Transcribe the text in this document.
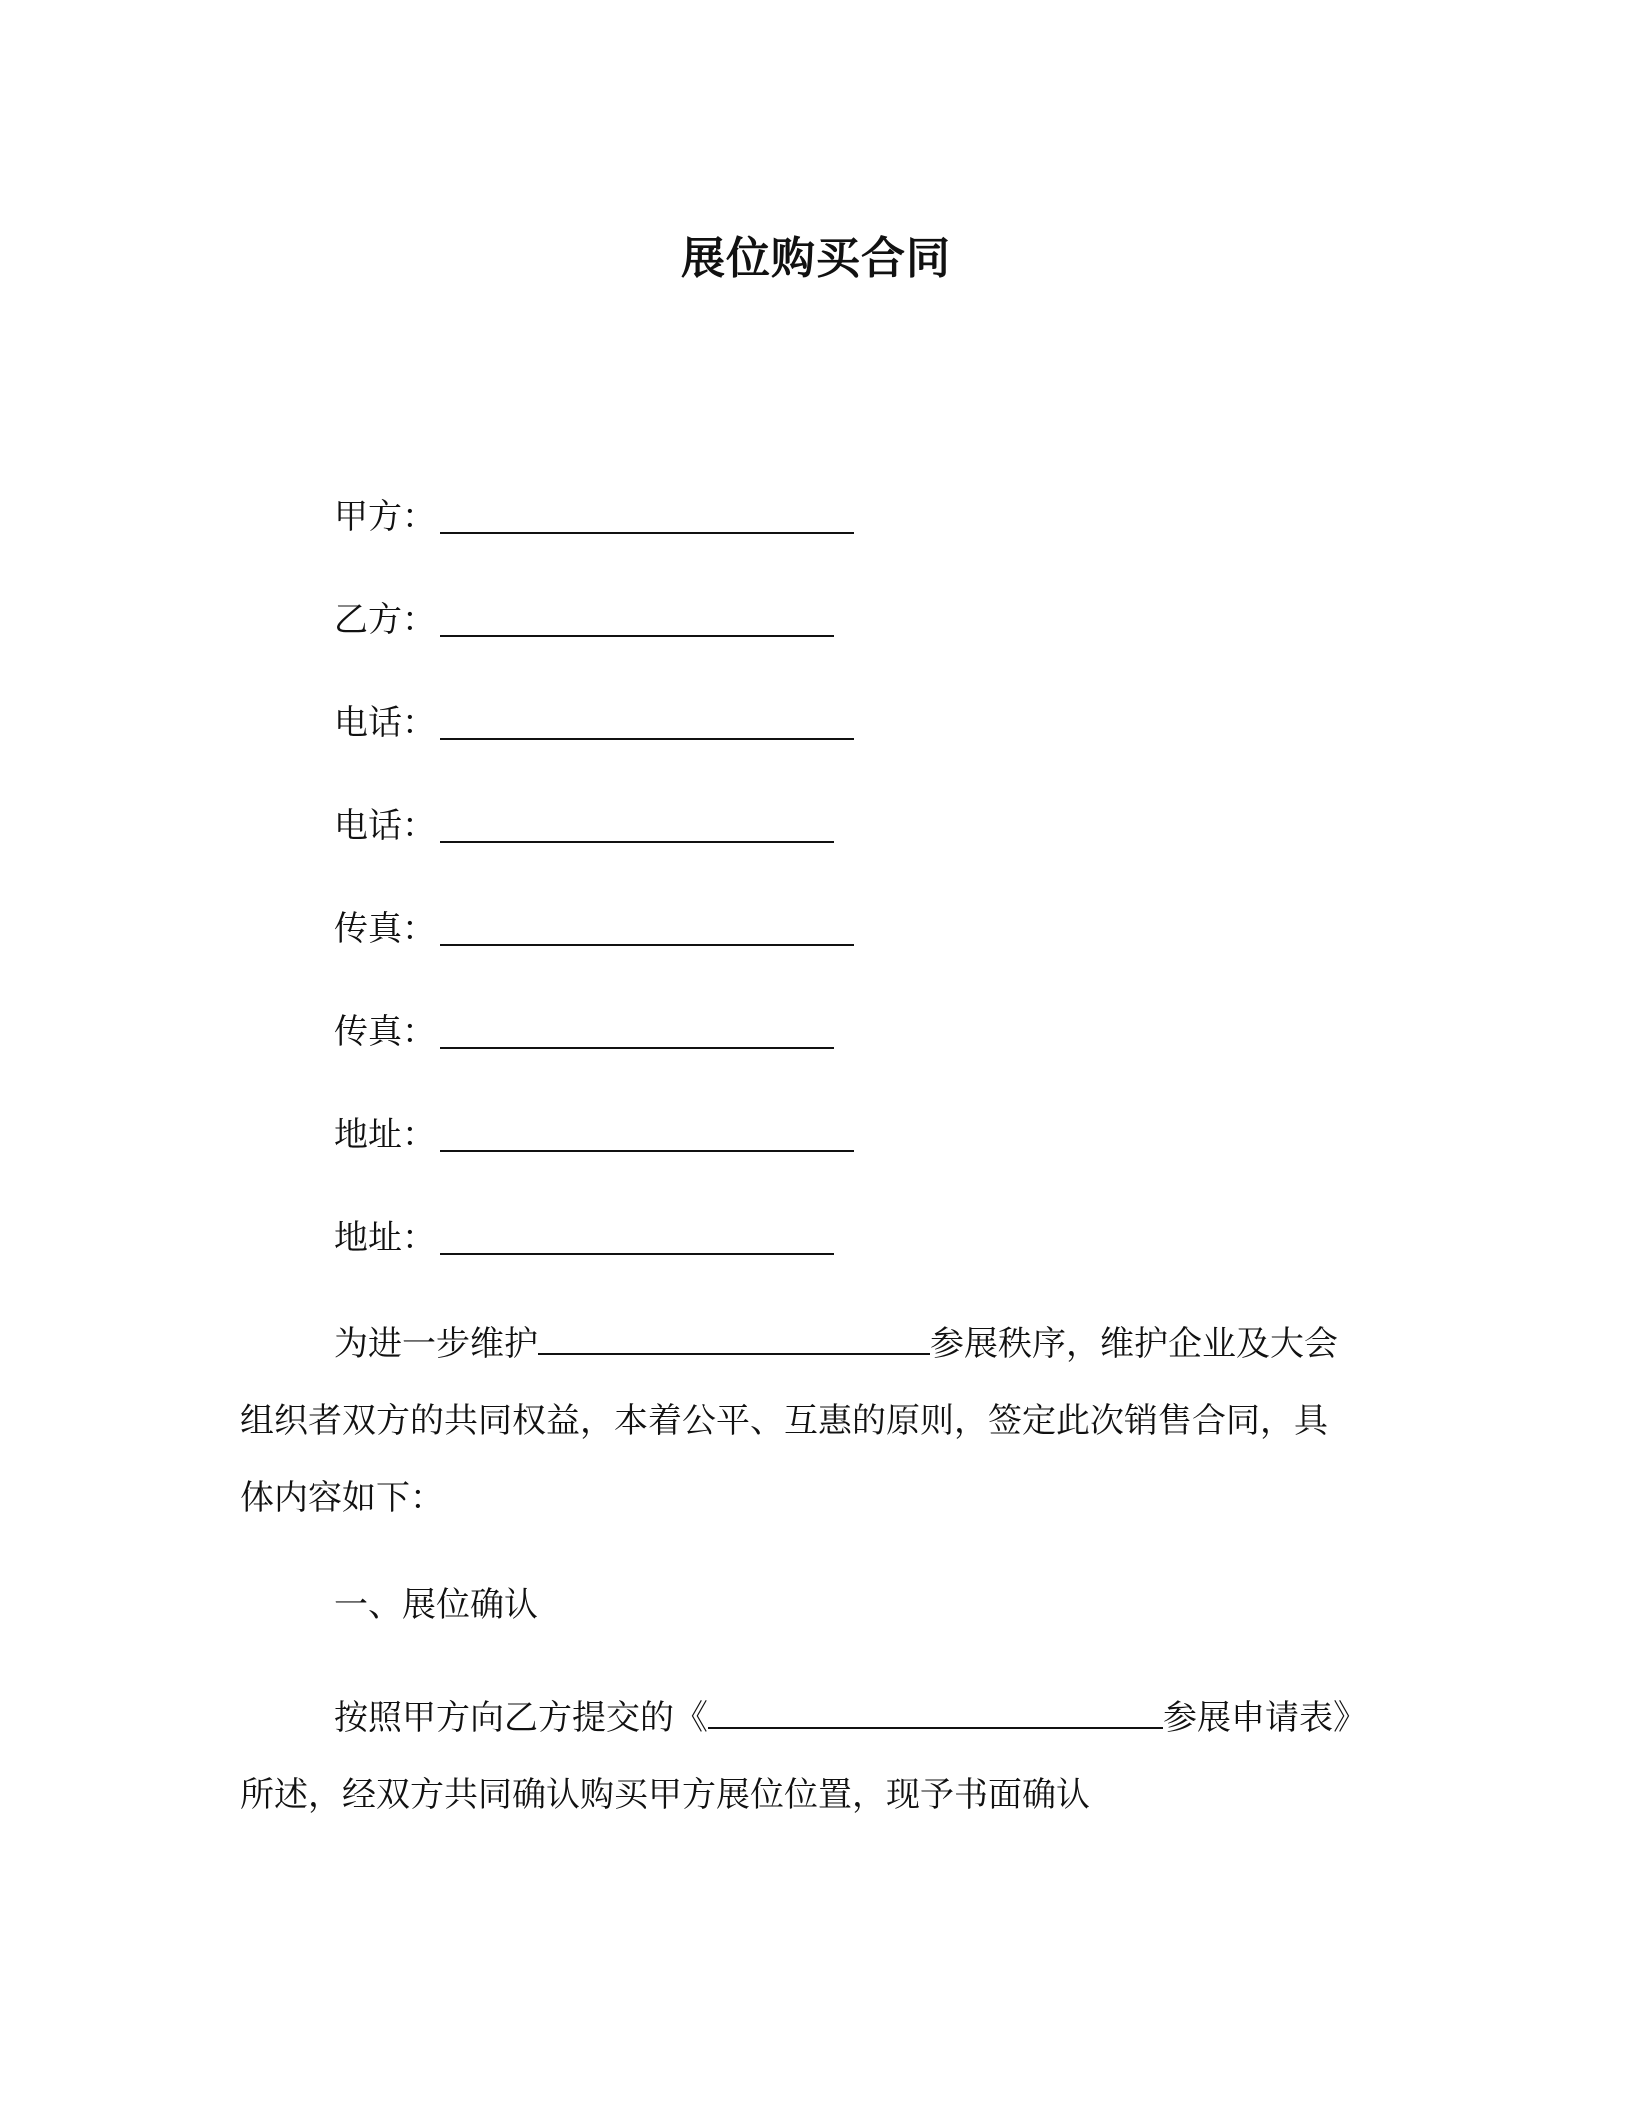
展位购买合同
甲方：
乙方：
电话：
电话：
传真：
传真：
地址：
地址：
为进一步维护	参展秩序，维护企业及大会组织者双方的共同权益，本着公平、互惠的原则，签定此次销售合同，具体内容如下：
一、展位确认
按照甲方向乙方提交的《	参展申请表》所述，经双方共同确认购买甲方展位位置，现予书面确认
